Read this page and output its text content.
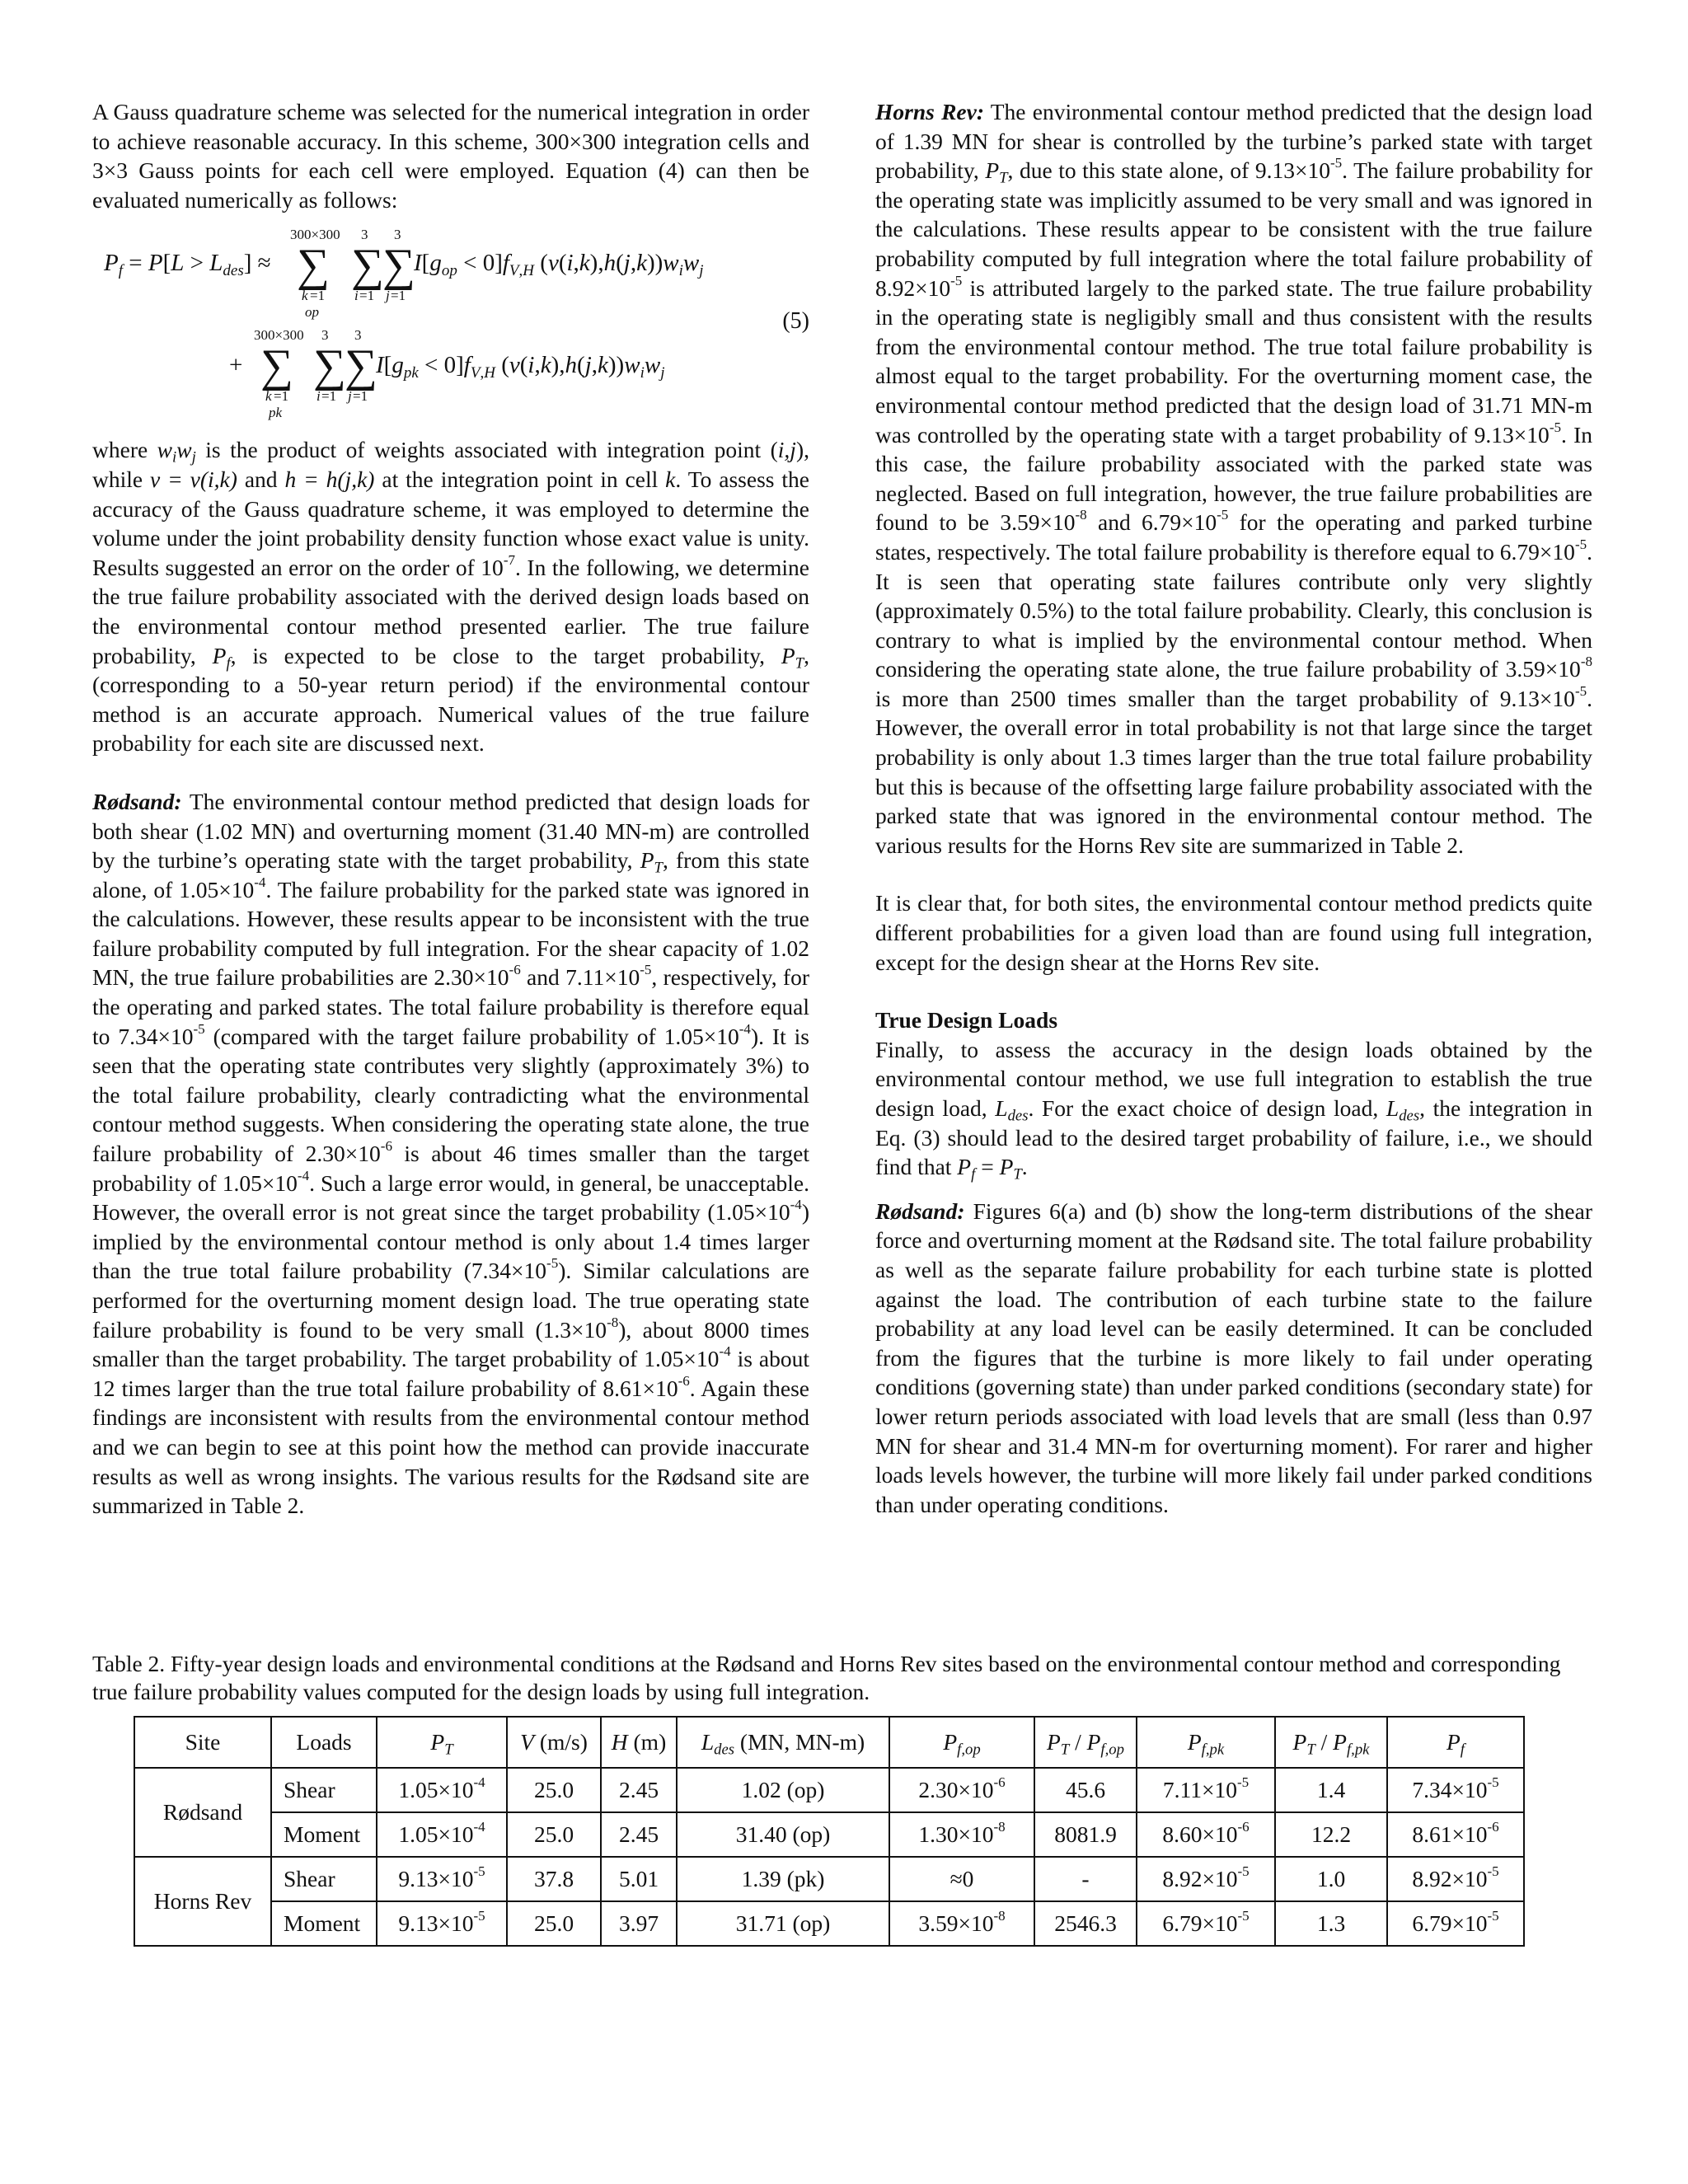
A Gauss quadrature scheme was selected for the numerical integration in order to achieve reasonable accuracy. In this scheme, 300×300 integration cells and 3×3 Gauss points for each cell were employed. Equation (4) can then be evaluated numerically as follows:

$P_f = P[L > L_{des}]$ ≈
300×300 3 3
∑ ∑
∑
k =1 i =1 j =1
op
$I[g_{op} < 0]f_V,H$ $(v(i,k),h(j,k))w_iw_j$
+
300×300 3 3
∑ ∑
∑
k =1 i =1 j =1
pk
$I[g_{pk} < 0]f_V,H$ $(v(i,k),h(j,k))w_iw_j$
(5)

where $w_iw_j$ is the product of weights associated with integration point (i,j), while v = v(i,k) and h = h(j,k) at the integration point in cell k. To assess the accuracy of the Gauss quadrature scheme, it was employed to determine the volume under the joint probability density function whose exact value is unity. Results suggested an error on the order of $10^{-7}$. In the following, we determine the true failure probability associated with the derived design loads based on the environmental contour method presented earlier. The true failure probability, $P_f$, is expected to be close to the target probability, $P_T$, (corresponding to a 50-year return period) if the environmental contour method is an accurate approach. Numerical values of the true failure probability for each site are discussed next.

Rødsand: The environmental contour method predicted that design loads for both shear (1.02 MN) and overturning moment (31.40 MN-m) are controlled by the turbine’s operating state with the target probability, $P_T$, from this state alone, of $1.05\times 10^{-4}$. The failure probability for the parked state was ignored in the calculations. However, these results appear to be inconsistent with the true failure probability computed by full integration. For the shear capacity of 1.02 MN, the true failure probabilities are $2.30\times 10^{-6}$ and $7.11\times 10^{-5}$, respectively, for the operating and parked states. The total failure probability is therefore equal to $7.34\times 10^{-5}$ (compared with the target failure probability of $1.05\times 10^{-4}$). It is seen that the operating state contributes very slightly (approximately 3%) to the total failure probability, clearly contradicting what the environmental contour method suggests. When considering the operating state alone, the true failure probability of $2.30\times 10^{-6}$ is about 46 times smaller than the target probability of $1.05\times 10^{-4}$. Such a large error would, in general, be unacceptable. However, the overall error is not great since the target probability $(1.05\times 10^{-4})$ implied by the environmental contour method is only about 1.4 times larger than the true total failure probability $(7.34\times 10^{-5})$. Similar calculations are performed for the overturning moment design load. The true operating state failure probability is found to be very small $(1.3\times 10^{-8})$, about 8000 times smaller than the target probability. The target probability of $1.05\times 10^{-4}$ is about 12 times larger than the true total failure probability of $8.61\times 10^{-6}$. Again these findings are inconsistent with results from the environmental contour method and we can begin to see at this point how the method can provide inaccurate results as well as wrong insights. The various results for the Rødsand site are summarized in Table 2.

Horns Rev: The environmental contour method predicted that the design load of 1.39 MN for shear is controlled by the turbine’s parked state with target probability, $P_T$, due to this state alone, of $9.13\times 10^{-5}$. The failure probability for the operating state was implicitly assumed to be very small and was ignored in the calculations. These results appear to be consistent with the true failure probability computed by full integration where the total failure probability of $8.92\times 10^{-5}$ is attributed largely to the parked state. The true failure probability in the operating state is negligibly small and thus consistent with the results from the environmental contour method. The true total failure probability is almost equal to the target probability. For the overturning moment case, the environmental contour method predicted that the design load of 31.71 MN-m was controlled by the operating state with a target probability of $9.13\times 10^{-5}$. In this case, the failure probability associated with the parked state was neglected. Based on full integration, however, the true failure probabilities are found to be $3.59\times 10^{-8}$ and $6.79\times 10^{-5}$ for the operating and parked turbine states, respectively. The total failure probability is therefore equal to $6.79\times 10^{-5}$. It is seen that operating state failures contribute only very slightly (approximately 0.5%) to the total failure probability. Clearly, this conclusion is contrary to what is implied by the environmental contour method. When considering the operating state alone, the true failure probability of $3.59\times 10^{-8}$ is more than 2500 times smaller than the target probability of $9.13\times 10^{-5}$. However, the overall error in total probability is not that large since the target probability is only about 1.3 times larger than the true total failure probability but this is because of the offsetting large failure probability associated with the parked state that was ignored in the environmental contour method. The various results for the Horns Rev site are summarized in Table 2.

It is clear that, for both sites, the environmental contour method predicts quite different probabilities for a given load than are found using full integration, except for the design shear at the Horns Rev site.

True Design Loads

Finally, to assess the accuracy in the design loads obtained by the environmental contour method, we use full integration to establish the true design load, $L_{des}$. For the exact choice of design load, $L_{des}$, the integration in Eq. (3) should lead to the desired target probability of failure, i.e., we should find that $P_f = P_T$.

Rødsand: Figures 6(a) and (b) show the long-term distributions of the shear force and overturning moment at the Rødsand site. The total failure probability as well as the separate failure probability for each turbine state is plotted against the load. The contribution of each turbine state to the failure probability at any load level can be easily determined. It can be concluded from the figures that the turbine is more likely to fail under operating conditions (governing state) than under parked conditions (secondary state) for lower return periods associated with load levels that are small (less than 0.97 MN for shear and 31.4 MN-m for overturning moment). For rarer and higher loads levels however, the turbine will more likely fail under parked conditions than under operating conditions.

Table 2. Fifty-year design loads and environmental conditions at the Rødsand and Horns Rev sites based on the environmental contour method and corresponding true failure probability values computed for the design loads by using full integration.
Site	Loads	$P_T$	V (m/s)	H (m)	$L_{des}$ (MN, MN-m)	$P_{f,op}$	$P_T / P_{f,op}$	$P_{f,pk}$	$P_T / P_{f,pk}$	$P_f$
Rødsand	Shear	$1.05\times 10^{-4}$	25.0	2.45	1.02 (op)	$2.30\times 10^{-6}$	45.6	$7.11\times 10^{-5}$	1.4	$7.34\times 10^{-5}$
	Moment	$1.05\times 10^{-4}$	25.0	2.45	31.40 (op)	$1.30\times 10^{-8}$	8081.9	$8.60\times 10^{-6}$	12.2	$8.61\times 10^{-6}$
Horns Rev	Shear	$9.13\times 10^{-5}$	37.8	5.01	1.39 (pk)	≈0	-	$8.92\times 10^{-5}$	1.0	$8.92\times 10^{-5}$
	Moment	$9.13\times 10^{-5}$	25.0	3.97	31.71 (op)	$3.59\times 10^{-8}$	2546.3	$6.79\times 10^{-5}$	1.3	$6.79\times 10^{-5}$
